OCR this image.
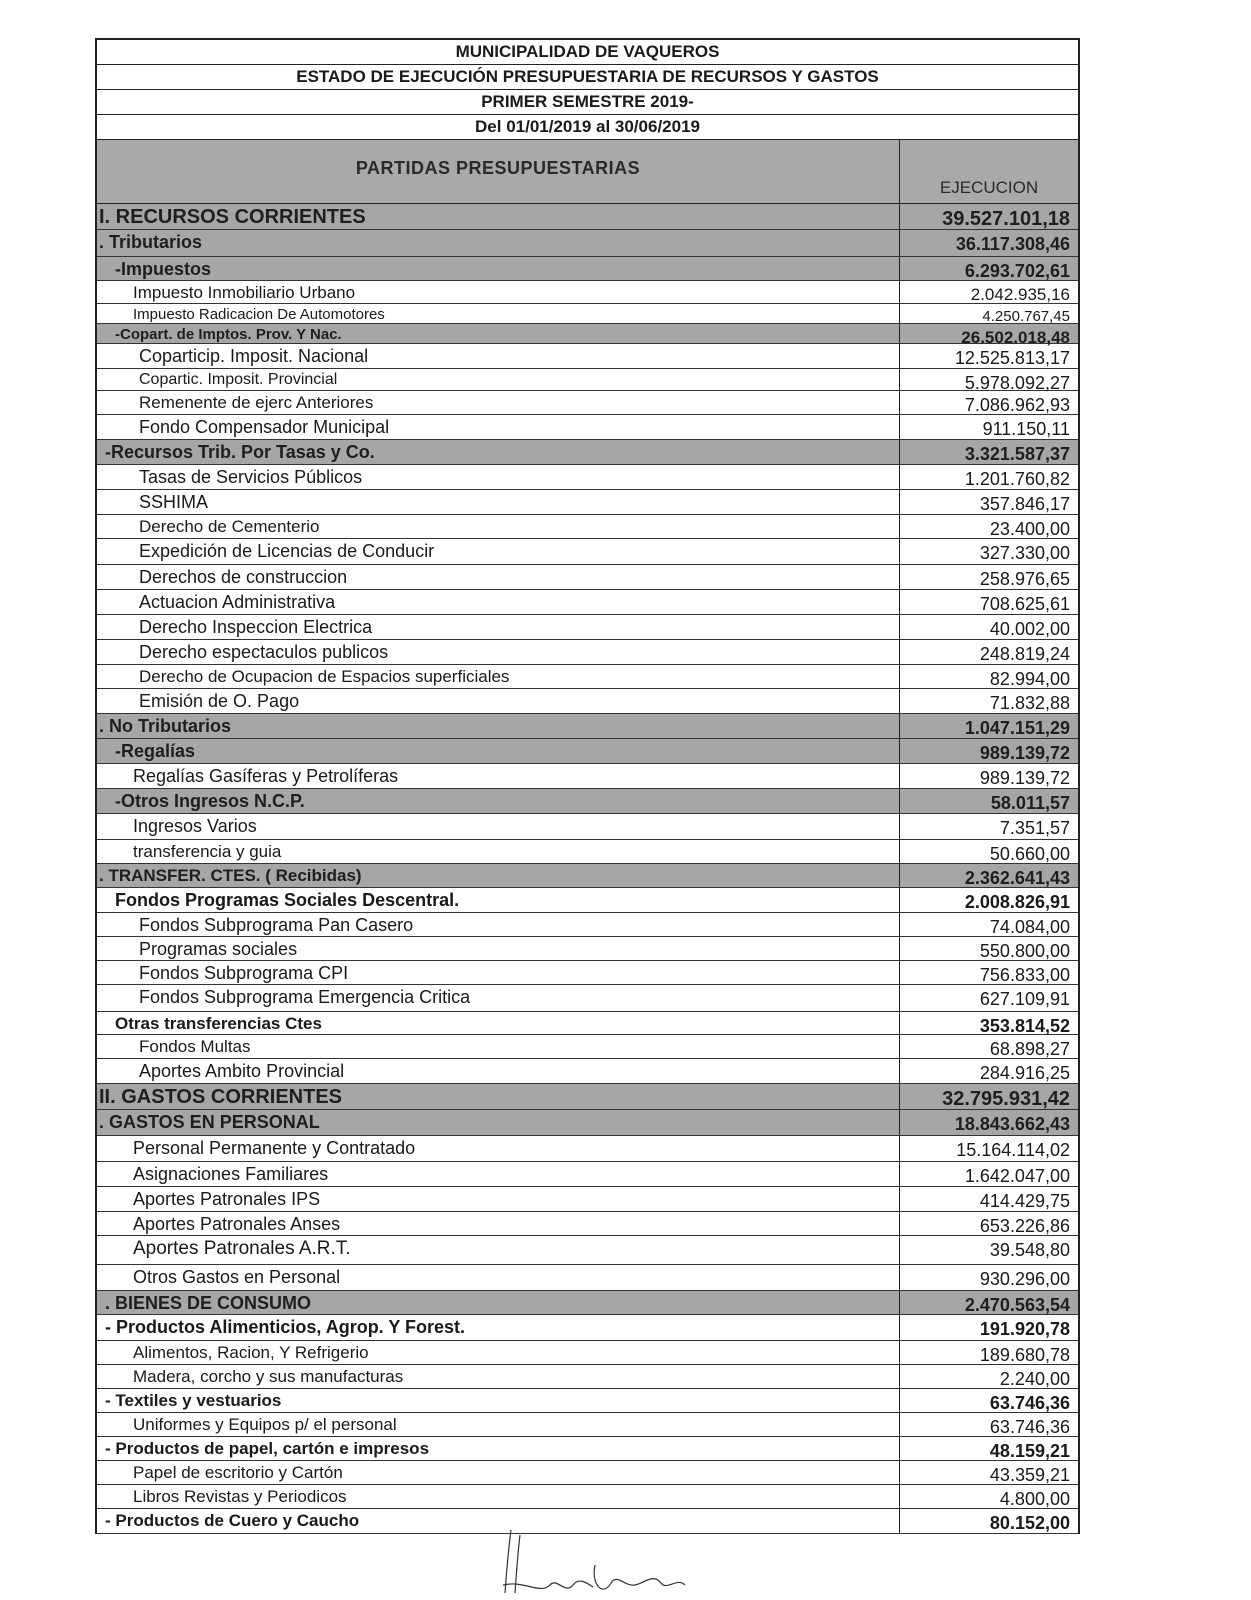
MUNICIPALIDAD DE VAQUEROS
ESTADO DE EJECUCIÓN PRESUPUESTARIA DE RECURSOS Y GASTOS
PRIMER SEMESTRE 2019-
Del 01/01/2019 al 30/06/2019
PARTIDAS PRESUPUESTARIAS
EJECUCION
I. RECURSOS CORRIENTES	39.527.101,18
. Tributarios	36.117.308,46
-Impuestos	6.293.702,61
Impuesto Inmobiliario Urbano	2.042.935,16
Impuesto Radicacion De Automotores	4.250.767,45
-Copart. de Imptos. Prov. Y Nac.	26.502.018,48
Coparticip. Imposit. Nacional	12.525.813,17
Copartic. Imposit. Provincial	5.978.092,27
Remenente de ejerc Anteriores	7.086.962,93
Fondo Compensador Municipal	911.150,11
-Recursos Trib. Por Tasas y Co.	3.321.587,37
Tasas de Servicios Públicos	1.201.760,82
SSHIMA	357.846,17
Derecho de Cementerio	23.400,00
Expedición de Licencias de Conducir	327.330,00
Derechos de construccion	258.976,65
Actuacion Administrativa	708.625,61
Derecho Inspeccion Electrica	40.002,00
Derecho espectaculos publicos	248.819,24
Derecho de Ocupacion de Espacios superficiales	82.994,00
Emisión de O. Pago	71.832,88
. No Tributarios	1.047.151,29
-Regalías	989.139,72
Regalías Gasíferas y Petrolíferas	989.139,72
-Otros Ingresos N.C.P.	58.011,57
Ingresos Varios	7.351,57
transferencia y guia	50.660,00
. TRANSFER. CTES. ( Recibidas)	2.362.641,43
Fondos Programas Sociales Descentral.	2.008.826,91
Fondos Subprograma Pan Casero	74.084,00
Programas sociales	550.800,00
Fondos Subprograma CPI	756.833,00
Fondos Subprograma Emergencia Critica	627.109,91
Otras transferencias Ctes	353.814,52
Fondos Multas	68.898,27
Aportes Ambito Provincial	284.916,25
II. GASTOS CORRIENTES	32.795.931,42
. GASTOS EN PERSONAL	18.843.662,43
Personal Permanente y Contratado	15.164.114,02
Asignaciones Familiares	1.642.047,00
Aportes Patronales IPS	414.429,75
Aportes Patronales Anses	653.226,86
Aportes Patronales A.R.T.	39.548,80
Otros Gastos en Personal	930.296,00
. BIENES DE CONSUMO	2.470.563,54
- Productos Alimenticios, Agrop. Y Forest.	191.920,78
Alimentos, Racion, Y Refrigerio	189.680,78
Madera, corcho y sus manufacturas	2.240,00
- Textiles y vestuarios	63.746,36
Uniformes y Equipos p/ el personal	63.746,36
- Productos de papel, cartón e impresos	48.159,21
Papel de escritorio y Cartón	43.359,21
Libros Revistas y Periodicos	4.800,00
- Productos de Cuero y Caucho	80.152,00
